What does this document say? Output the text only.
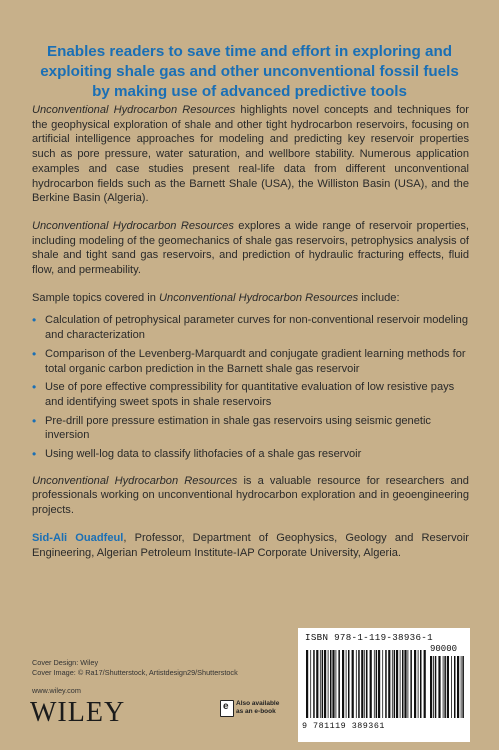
Enables readers to save time and effort in exploring and exploiting shale gas and other unconventional fossil fuels by making use of advanced predictive tools

Unconventional Hydrocarbon Resources highlights novel concepts and techniques for the geophysical exploration of shale and other tight hydrocarbon reservoirs, focusing on artificial intelligence approaches for modeling and predicting key reservoir properties such as pore pressure, water saturation, and wellbore stability. Numerous application examples and case studies present real-life data from different unconventional hydrocarbon fields such as the Barnett Shale (USA), the Williston Basin (USA), and the Berkine Basin (Algeria).

Unconventional Hydrocarbon Resources explores a wide range of reservoir properties, including modeling of the geomechanics of shale gas reservoirs, petrophysics analysis of shale and tight sand gas reservoirs, and prediction of hydraulic fracturing effects, fluid flow, and permeability.

Sample topics covered in Unconventional Hydrocarbon Resources include:

• Calculation of petrophysical parameter curves for non-conventional reservoir modeling and characterization
• Comparison of the Levenberg-Marquardt and conjugate gradient learning methods for total organic carbon prediction in the Barnett shale gas reservoir
• Use of pore effective compressibility for quantitative evaluation of low resistive pays and identifying sweet spots in shale reservoirs
• Pre-drill pore pressure estimation in shale gas reservoirs using seismic genetic inversion
• Using well-log data to classify lithofacies of a shale gas reservoir

Unconventional Hydrocarbon Resources is a valuable resource for researchers and professionals working on unconventional hydrocarbon exploration and in geoengineering projects.

Sid-Ali Ouadfeul, Professor, Department of Geophysics, Geology and Reservoir Engineering, Algerian Petroleum Institute-IAP Corporate University, Algeria.

Cover Design: Wiley
Cover Image: © Ra17/Shutterstock, Artistdesign29/Shutterstock
www.wiley.com
WILEY
e	Also available
as an e-book
ISBN 978-1-119-38936-1
90000
9 781119 389361
